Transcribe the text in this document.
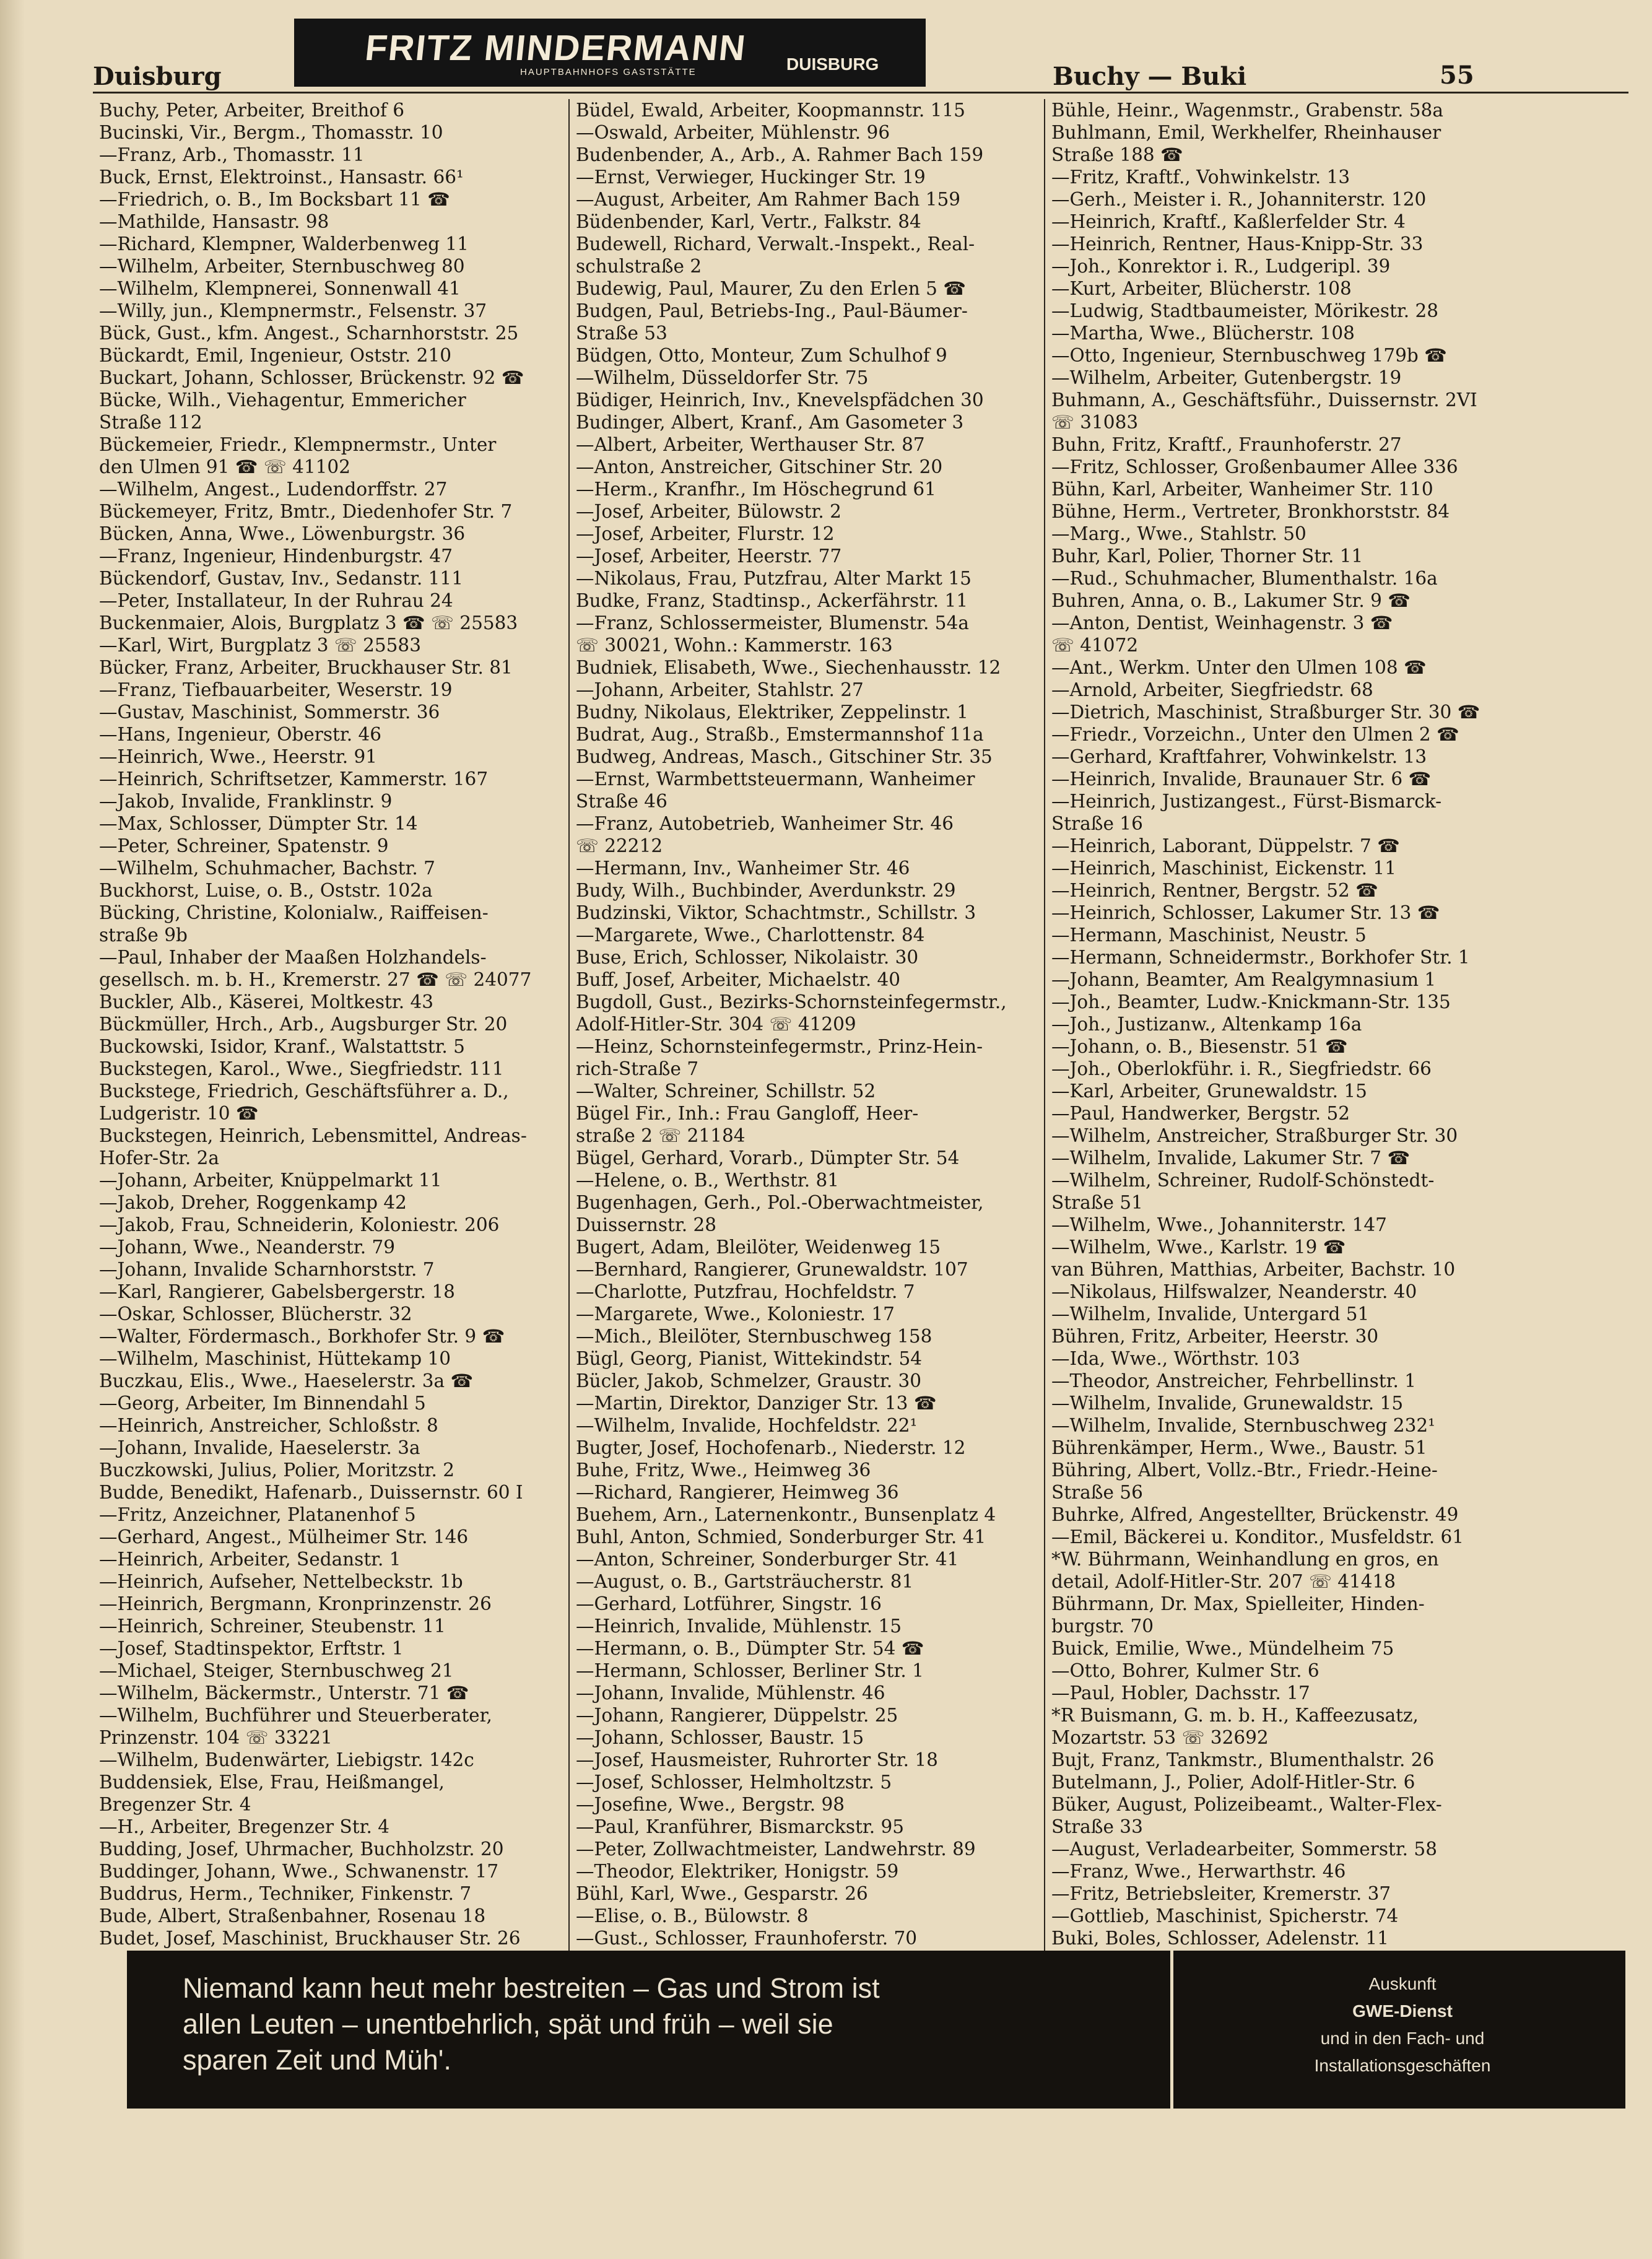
Duisburg
FRITZ MINDERMANN
HAUPTBAHNHOFS GASTSTÄTTE	DUISBURG	Buchy — Buki	55
Buchy, Peter, Arbeiter, Breithof 6
Bucinski, Vir., Bergm., Thomasstr. 10
—Franz, Arb., Thomasstr. 11
Buck, Ernst, Elektroinst., Hansastr. 66¹
—Friedrich, o. B., Im Bocksbart 11 ☎
—Mathilde, Hansastr. 98
—Richard, Klempner, Walderbenweg 11
—Wilhelm, Arbeiter, Sternbuschweg 80
—Wilhelm, Klempnerei, Sonnenwall 41
—Willy, jun., Klempnermstr., Felsenstr. 37
Bück, Gust., kfm. Angest., Scharnhorststr. 25
Bückardt, Emil, Ingenieur, Oststr. 210
Buckart, Johann, Schlosser, Brückenstr. 92 ☎
Bücke, Wilh., Viehagentur, Emmericher
Straße 112
Bückemeier, Friedr., Klempnermstr., Unter
den Ulmen 91 ☎ ☏ 41102
—Wilhelm, Angest., Ludendorffstr. 27
Bückemeyer, Fritz, Bmtr., Diedenhofer Str. 7
Bücken, Anna, Wwe., Löwenburgstr. 36
—Franz, Ingenieur, Hindenburgstr. 47
Bückendorf, Gustav, Inv., Sedanstr. 111
—Peter, Installateur, In der Ruhrau 24
Buckenmaier, Alois, Burgplatz 3 ☎ ☏ 25583
—Karl, Wirt, Burgplatz 3 ☏ 25583
Bücker, Franz, Arbeiter, Bruckhauser Str. 81
—Franz, Tiefbauarbeiter, Weserstr. 19
—Gustav, Maschinist, Sommerstr. 36
—Hans, Ingenieur, Oberstr. 46
—Heinrich, Wwe., Heerstr. 91
—Heinrich, Schriftsetzer, Kammerstr. 167
—Jakob, Invalide, Franklinstr. 9
—Max, Schlosser, Dümpter Str. 14
—Peter, Schreiner, Spatenstr. 9
—Wilhelm, Schuhmacher, Bachstr. 7
Buckhorst, Luise, o. B., Oststr. 102a
Bücking, Christine, Kolonialw., Raiffeisen-
straße 9b
—Paul, Inhaber der Maaßen Holzhandels-
gesellsch. m. b. H., Kremerstr. 27 ☎ ☏ 24077
Buckler, Alb., Käserei, Moltkestr. 43
Bückmüller, Hrch., Arb., Augsburger Str. 20
Buckowski, Isidor, Kranf., Walstattstr. 5
Buckstegen, Karol., Wwe., Siegfriedstr. 111
Buckstege, Friedrich, Geschäftsführer a. D.,
Ludgeristr. 10 ☎
Buckstegen, Heinrich, Lebensmittel, Andreas-
Hofer-Str. 2a
—Johann, Arbeiter, Knüppelmarkt 11
—Jakob, Dreher, Roggenkamp 42
—Jakob, Frau, Schneiderin, Koloniestr. 206
—Johann, Wwe., Neanderstr. 79
—Johann, Invalide Scharnhorststr. 7
—Karl, Rangierer, Gabelsbergerstr. 18
—Oskar, Schlosser, Blücherstr. 32
—Walter, Fördermasch., Borkhofer Str. 9 ☎
—Wilhelm, Maschinist, Hüttekamp 10
Buczkau, Elis., Wwe., Haeselerstr. 3a ☎
—Georg, Arbeiter, Im Binnendahl 5
—Heinrich, Anstreicher, Schloßstr. 8
—Johann, Invalide, Haeselerstr. 3a
Buczkowski, Julius, Polier, Moritzstr. 2
Budde, Benedikt, Hafenarb., Duissernstr. 60 I
—Fritz, Anzeichner, Platanenhof 5
—Gerhard, Angest., Mülheimer Str. 146
—Heinrich, Arbeiter, Sedanstr. 1
—Heinrich, Aufseher, Nettelbeckstr. 1b
—Heinrich, Bergmann, Kronprinzenstr. 26
—Heinrich, Schreiner, Steubenstr. 11
—Josef, Stadtinspektor, Erftstr. 1
—Michael, Steiger, Sternbuschweg 21
—Wilhelm, Bäckermstr., Unterstr. 71 ☎
—Wilhelm, Buchführer und Steuerberater,
Prinzenstr. 104 ☏ 33221
—Wilhelm, Budenwärter, Liebigstr. 142c
Buddensiek, Else, Frau, Heißmangel,
Bregenzer Str. 4
—H., Arbeiter, Bregenzer Str. 4
Budding, Josef, Uhrmacher, Buchholzstr. 20
Buddinger, Johann, Wwe., Schwanenstr. 17
Buddrus, Herm., Techniker, Finkenstr. 7
Bude, Albert, Straßenbahner, Rosenau 18
Budet, Josef, Maschinist, Bruckhauser Str. 26
Büdel, Ewald, Arbeiter, Koopmannstr. 115
—Oswald, Arbeiter, Mühlenstr. 96
Budenbender, A., Arb., A. Rahmer Bach 159
—Ernst, Verwieger, Huckinger Str. 19
—August, Arbeiter, Am Rahmer Bach 159
Büdenbender, Karl, Vertr., Falkstr. 84
Budewell, Richard, Verwalt.-Inspekt., Real-
schulstraße 2
Budewig, Paul, Maurer, Zu den Erlen 5 ☎
Budgen, Paul, Betriebs-Ing., Paul-Bäumer-
Straße 53
Büdgen, Otto, Monteur, Zum Schulhof 9
—Wilhelm, Düsseldorfer Str. 75
Büdiger, Heinrich, Inv., Knevelspfädchen 30
Budinger, Albert, Kranf., Am Gasometer 3
—Albert, Arbeiter, Werthauser Str. 87
—Anton, Anstreicher, Gitschiner Str. 20
—Herm., Kranfhr., Im Höschegrund 61
—Josef, Arbeiter, Bülowstr. 2
—Josef, Arbeiter, Flurstr. 12
—Josef, Arbeiter, Heerstr. 77
—Nikolaus, Frau, Putzfrau, Alter Markt 15
Budke, Franz, Stadtinsp., Ackerfährstr. 11
—Franz, Schlossermeister, Blumenstr. 54a
☏ 30021, Wohn.: Kammerstr. 163
Budniek, Elisabeth, Wwe., Siechenhausstr. 12
—Johann, Arbeiter, Stahlstr. 27
Budny, Nikolaus, Elektriker, Zeppelinstr. 1
Budrat, Aug., Straßb., Emstermannshof 11a
Budweg, Andreas, Masch., Gitschiner Str. 35
—Ernst, Warmbettsteuermann, Wanheimer
Straße 46
—Franz, Autobetrieb, Wanheimer Str. 46
☏ 22212
—Hermann, Inv., Wanheimer Str. 46
Budy, Wilh., Buchbinder, Averdunkstr. 29
Budzinski, Viktor, Schachtmstr., Schillstr. 3
—Margarete, Wwe., Charlottenstr. 84
Buse, Erich, Schlosser, Nikolaistr. 30
Buff, Josef, Arbeiter, Michaelstr. 40
Bugdoll, Gust., Bezirks-Schornsteinfegermstr.,
Adolf-Hitler-Str. 304 ☏ 41209
—Heinz, Schornsteinfegermstr., Prinz-Hein-
rich-Straße 7
—Walter, Schreiner, Schillstr. 52
Bügel Fir., Inh.: Frau Gangloff, Heer-
straße 2 ☏ 21184
Bügel, Gerhard, Vorarb., Dümpter Str. 54
—Helene, o. B., Werthstr. 81
Bugenhagen, Gerh., Pol.-Oberwachtmeister,
Duissernstr. 28
Bugert, Adam, Bleilöter, Weidenweg 15
—Bernhard, Rangierer, Grunewaldstr. 107
—Charlotte, Putzfrau, Hochfeldstr. 7
—Margarete, Wwe., Koloniestr. 17
—Mich., Bleilöter, Sternbuschweg 158
Bügl, Georg, Pianist, Wittekindstr. 54
Bücler, Jakob, Schmelzer, Graustr. 30
—Martin, Direktor, Danziger Str. 13 ☎
—Wilhelm, Invalide, Hochfeldstr. 22¹
Bugter, Josef, Hochofenarb., Niederstr. 12
Buhe, Fritz, Wwe., Heimweg 36
—Richard, Rangierer, Heimweg 36
Buehem, Arn., Laternenkontr., Bunsenplatz 4
Buhl, Anton, Schmied, Sonderburger Str. 41
—Anton, Schreiner, Sonderburger Str. 41
—August, o. B., Gartsträucherstr. 81
—Gerhard, Lotführer, Singstr. 16
—Heinrich, Invalide, Mühlenstr. 15
—Hermann, o. B., Dümpter Str. 54 ☎
—Hermann, Schlosser, Berliner Str. 1
—Johann, Invalide, Mühlenstr. 46
—Johann, Rangierer, Düppelstr. 25
—Johann, Schlosser, Baustr. 15
—Josef, Hausmeister, Ruhrorter Str. 18
—Josef, Schlosser, Helmholtzstr. 5
—Josefine, Wwe., Bergstr. 98
—Paul, Kranführer, Bismarckstr. 95
—Peter, Zollwachtmeister, Landwehrstr. 89
—Theodor, Elektriker, Honigstr. 59
Bühl, Karl, Wwe., Gesparstr. 26
—Elise, o. B., Bülowstr. 8
—Gust., Schlosser, Fraunhoferstr. 70
Bühle, Heinr., Wagenmstr., Grabenstr. 58a
Buhlmann, Emil, Werkhelfer, Rheinhauser
Straße 188 ☎
—Fritz, Kraftf., Vohwinkelstr. 13
—Gerh., Meister i. R., Johanniterstr. 120
—Heinrich, Kraftf., Kaßlerfelder Str. 4
—Heinrich, Rentner, Haus-Knipp-Str. 33
—Joh., Konrektor i. R., Ludgeripl. 39
—Kurt, Arbeiter, Blücherstr. 108
—Ludwig, Stadtbaumeister, Mörikestr. 28
—Martha, Wwe., Blücherstr. 108
—Otto, Ingenieur, Sternbuschweg 179b ☎
—Wilhelm, Arbeiter, Gutenbergstr. 19
Buhmann, A., Geschäftsführ., Duissernstr. 2VI
☏ 31083
Buhn, Fritz, Kraftf., Fraunhoferstr. 27
—Fritz, Schlosser, Großenbaumer Allee 336
Bühn, Karl, Arbeiter, Wanheimer Str. 110
Bühne, Herm., Vertreter, Bronkhorststr. 84
—Marg., Wwe., Stahlstr. 50
Buhr, Karl, Polier, Thorner Str. 11
—Rud., Schuhmacher, Blumenthalstr. 16a
Buhren, Anna, o. B., Lakumer Str. 9 ☎
—Anton, Dentist, Weinhagenstr. 3 ☎
☏ 41072
—Ant., Werkm. Unter den Ulmen 108 ☎
—Arnold, Arbeiter, Siegfriedstr. 68
—Dietrich, Maschinist, Straßburger Str. 30 ☎
—Friedr., Vorzeichn., Unter den Ulmen 2 ☎
—Gerhard, Kraftfahrer, Vohwinkelstr. 13
—Heinrich, Invalide, Braunauer Str. 6 ☎
—Heinrich, Justizangest., Fürst-Bismarck-
Straße 16
—Heinrich, Laborant, Düppelstr. 7 ☎
—Heinrich, Maschinist, Eickenstr. 11
—Heinrich, Rentner, Bergstr. 52 ☎
—Heinrich, Schlosser, Lakumer Str. 13 ☎
—Hermann, Maschinist, Neustr. 5
—Hermann, Schneidermstr., Borkhofer Str. 1
—Johann, Beamter, Am Realgymnasium 1
—Joh., Beamter, Ludw.-Knickmann-Str. 135
—Joh., Justizanw., Altenkamp 16a
—Johann, o. B., Biesenstr. 51 ☎
—Joh., Oberlokführ. i. R., Siegfriedstr. 66
—Karl, Arbeiter, Grunewaldstr. 15
—Paul, Handwerker, Bergstr. 52
—Wilhelm, Anstreicher, Straßburger Str. 30
—Wilhelm, Invalide, Lakumer Str. 7 ☎
—Wilhelm, Schreiner, Rudolf-Schönstedt-
Straße 51
—Wilhelm, Wwe., Johanniterstr. 147
—Wilhelm, Wwe., Karlstr. 19 ☎
van Bühren, Matthias, Arbeiter, Bachstr. 10
—Nikolaus, Hilfswalzer, Neanderstr. 40
—Wilhelm, Invalide, Untergard 51
Bühren, Fritz, Arbeiter, Heerstr. 30
—Ida, Wwe., Wörthstr. 103
—Theodor, Anstreicher, Fehrbellinstr. 1
—Wilhelm, Invalide, Grunewaldstr. 15
—Wilhelm, Invalide, Sternbuschweg 232¹
Bührenkämper, Herm., Wwe., Baustr. 51
Bühring, Albert, Vollz.-Btr., Friedr.-Heine-
Straße 56
Buhrke, Alfred, Angestellter, Brückenstr. 49
—Emil, Bäckerei u. Konditor., Musfeldstr. 61
*W. Bührmann, Weinhandlung en gros, en
detail, Adolf-Hitler-Str. 207 ☏ 41418
Bührmann, Dr. Max, Spielleiter, Hinden-
burgstr. 70
Buick, Emilie, Wwe., Mündelheim 75
—Otto, Bohrer, Kulmer Str. 6
—Paul, Hobler, Dachsstr. 17
*R Buismann, G. m. b. H., Kaffeezusatz,
Mozartstr. 53 ☏ 32692
Bujt, Franz, Tankmstr., Blumenthalstr. 26
Butelmann, J., Polier, Adolf-Hitler-Str. 6
Büker, August, Polizeibeamt., Walter-Flex-
Straße 33
—August, Verladearbeiter, Sommerstr. 58
—Franz, Wwe., Herwarthstr. 46
—Fritz, Betriebsleiter, Kremerstr. 37
—Gottlieb, Maschinist, Spicherstr. 74
Buki, Boles, Schlosser, Adelenstr. 11
Niemand kann heut mehr bestreiten – Gas und Strom ist
allen Leuten – unentbehrlich, spät und früh – weil sie
sparen Zeit und Müh'.
Auskunft
GWE-Dienst
und in den Fach- und
Installationsgeschäften
